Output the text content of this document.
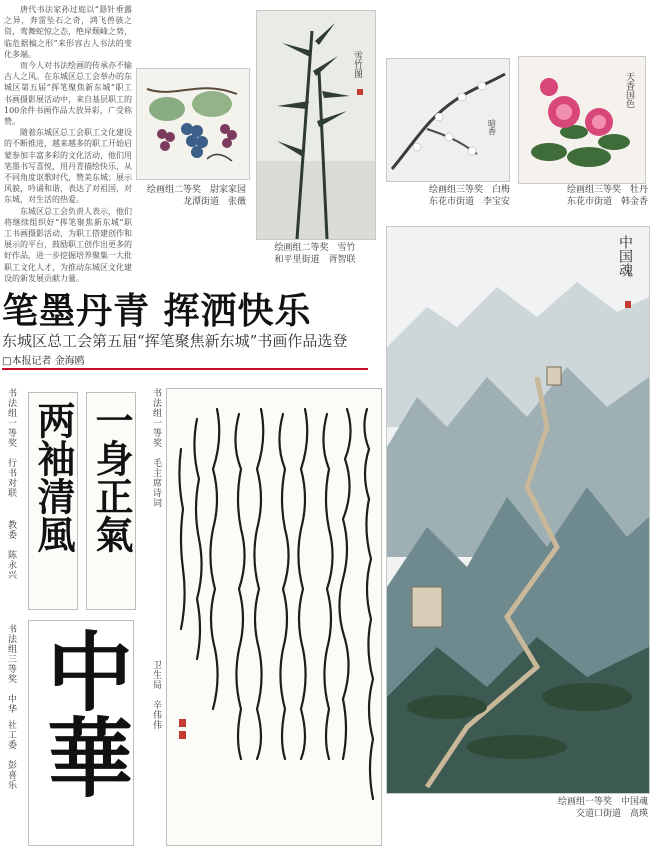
唐代书法家孙过庭以“悬针垂露之异，奔雷坠石之奇，鸿飞兽骇之资，鸾舞蛇惊之态，绝岸颓峰之势，临危据槁之形”来形容古人书法的变化多端。

而今人对书法绘画的传承亦不输古人之风。在东城区总工会举办的东城区第五届“挥笔聚焦新东城”职工书画摄影展活动中，来自基层职工的100余件书画作品大放异彩，广受称赞。

随着东城区总工会职工文化建设的不断推进，越来越多的职工开始启蒙参加丰富多彩的文化活动，他们用笔墨书写喜悦，用丹青描绘快乐，从不同角度讴歌时代，赞美东城；展示风貌，吟诵和谐，表达了对祖国，对东城，对生活的热爱。

东城区总工会负责人表示，他们将继续组织好“挥笔聚焦新东城”职工书画摄影活动，为职工搭建创作和展示的平台，鼓励职工创作出更多的好作品，进一步挖掘培养聚集一大批职工文化人才，为推动东城区文化建设的新发展贡献力量。

绘画组二等奖　尉家家园
龙潭街道　张薇
雪竹图
绘画组二等奖　雪竹
和平里街道　胥智联
暗香
绘画组三等奖　白梅
东花市街道　李宝安
天香国色
绘画组三等奖　牡丹
东花市街道　韩金香
笔墨丹青 挥洒快乐
东城区总工会第五届“挥笔聚焦新东城”书画作品选登
□本报记者 金海鸥
中国魂
绘画组一等奖　中国魂
交道口街道　高瑛
书法组一等奖　行书对联
教委　陈永兴 两袖清風 一身正氣
书法组三等奖　中华
社工委　彭喜乐 中華
书法组一等奖　毛主席诗词
卫生局　辛伟伟
